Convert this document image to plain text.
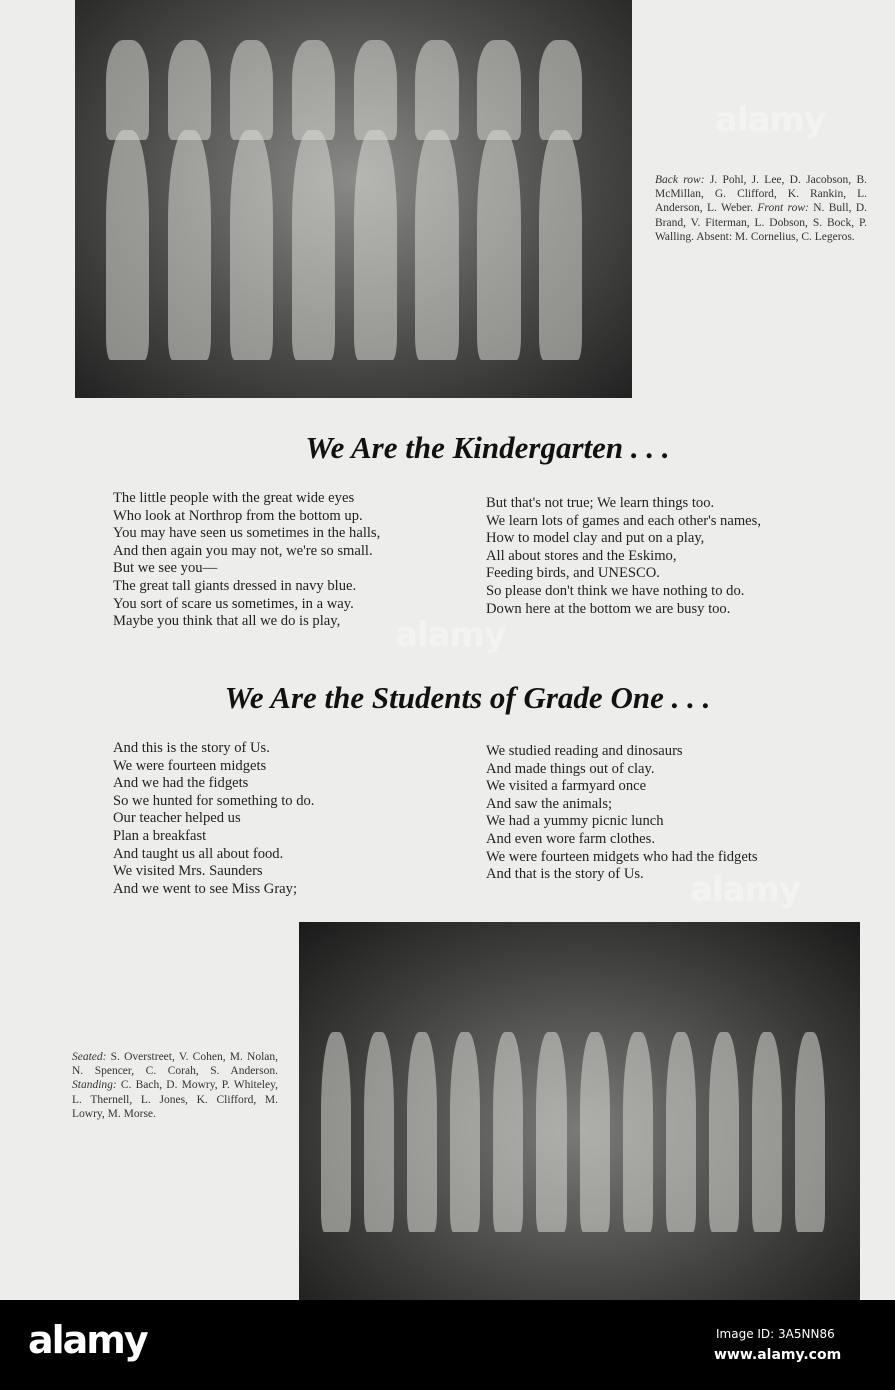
Back row: J. Pohl, J. Lee, D. Jacobson, B. McMillan, G. Clifford, K. Rankin, L. Anderson, L. Weber. Front row: N. Bull, D. Brand, V. Fiterman, L. Dobson, S. Bock, P. Walling. Absent: M. Cornelius, C. Legeros.
We Are the Kindergarten . . .
The little people with the great wide eyes
Who look at Northrop from the bottom up.
You may have seen us sometimes in the halls,
And then again you may not, we're so small.
But we see you—
The great tall giants dressed in navy blue.
You sort of scare us sometimes, in a way.
Maybe you think that all we do is play,
But that's not true; We learn things too.
We learn lots of games and each other's names,
How to model clay and put on a play,
All about stores and the Eskimo,
Feeding birds, and UNESCO.
So please don't think we have nothing to do.
Down here at the bottom we are busy too.
We Are the Students of Grade One . . .
And this is the story of Us.
We were fourteen midgets
And we had the fidgets
So we hunted for something to do.
Our teacher helped us
Plan a breakfast
And taught us all about food.
We visited Mrs. Saunders
And we went to see Miss Gray;
We studied reading and dinosaurs
And made things out of clay.
We visited a farmyard once
And saw the animals;
We had a yummy picnic lunch
And even wore farm clothes.
We were fourteen midgets who had the fidgets
And that is the story of Us.
Seated: S. Overstreet, V. Cohen, M. Nolan, N. Spencer, C. Corah, S. Anderson. Standing: C. Bach, D. Mowry, P. Whiteley, L. Thernell, L. Jones, K. Clifford, M. Lowry, M. Morse.
alamy
alamy
alamy
alamy	Image ID: 3A5NN86
www.alamy.com
